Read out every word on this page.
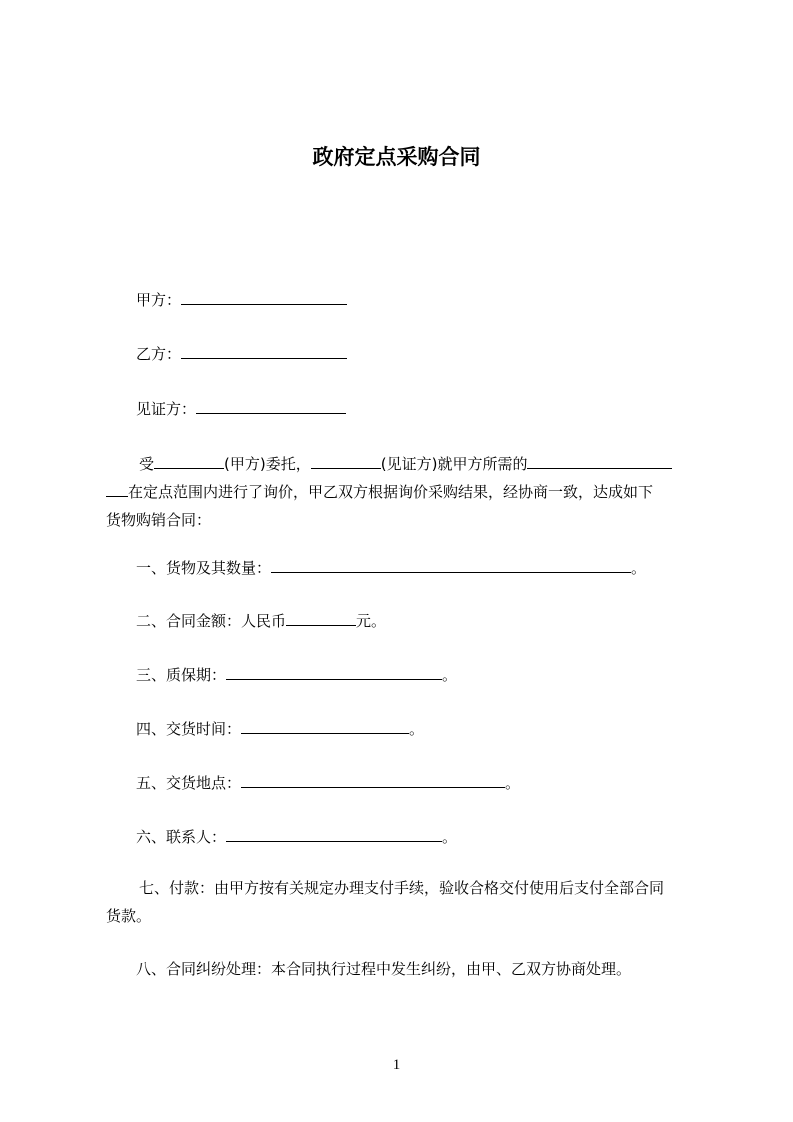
政府定点采购合同
甲方：
乙方：
见证方：
受	(甲方)委托，	(见证方)就甲方所需的
在定点范围内进行了询价，甲乙双方根据询价采购结果，经协商一致，达成如下
货物购销合同：
一、货物及其数量：	。
二、合同金额：人民币	元。
三、质保期：	。
四、交货时间：	。
五、交货地点：	。
六、联系人：	。
七、付款：由甲方按有关规定办理支付手续，验收合格交付使用后支付全部合同
货款。
八、合同纠纷处理：本合同执行过程中发生纠纷，由甲、乙双方协商处理。
1
